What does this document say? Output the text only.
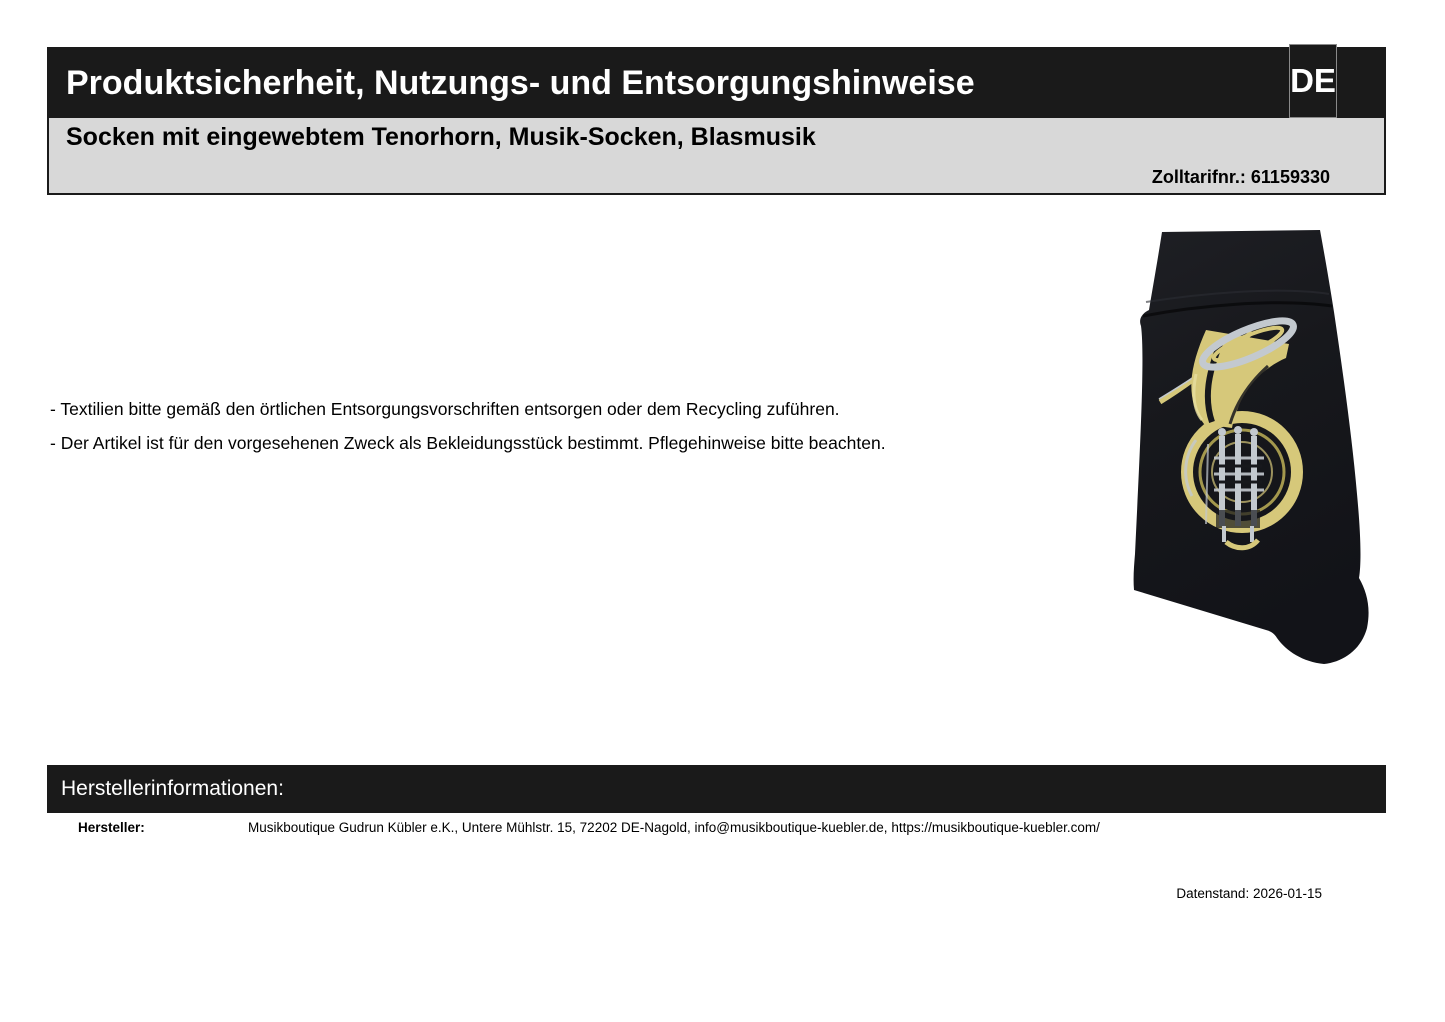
Produktsicherheit, Nutzungs- und Entsorgungshinweise	DE
Socken mit eingewebtem Tenorhorn, Musik-Socken, Blasmusik
Zolltarifnr.: 61159330
- Textilien bitte gemäß den örtlichen Entsorgungsvorschriften entsorgen oder dem Recycling zuführen.
- Der Artikel ist für den vorgesehenen Zweck als Bekleidungsstück bestimmt. Pflegehinweise bitte beachten.
Herstellerinformationen:
Hersteller:	Musikboutique Gudrun Kübler e.K., Untere Mühlstr. 15, 72202 DE-Nagold, info@musikboutique-kuebler.de, https://musikboutique-kuebler.com/
Datenstand: 2026-01-15
